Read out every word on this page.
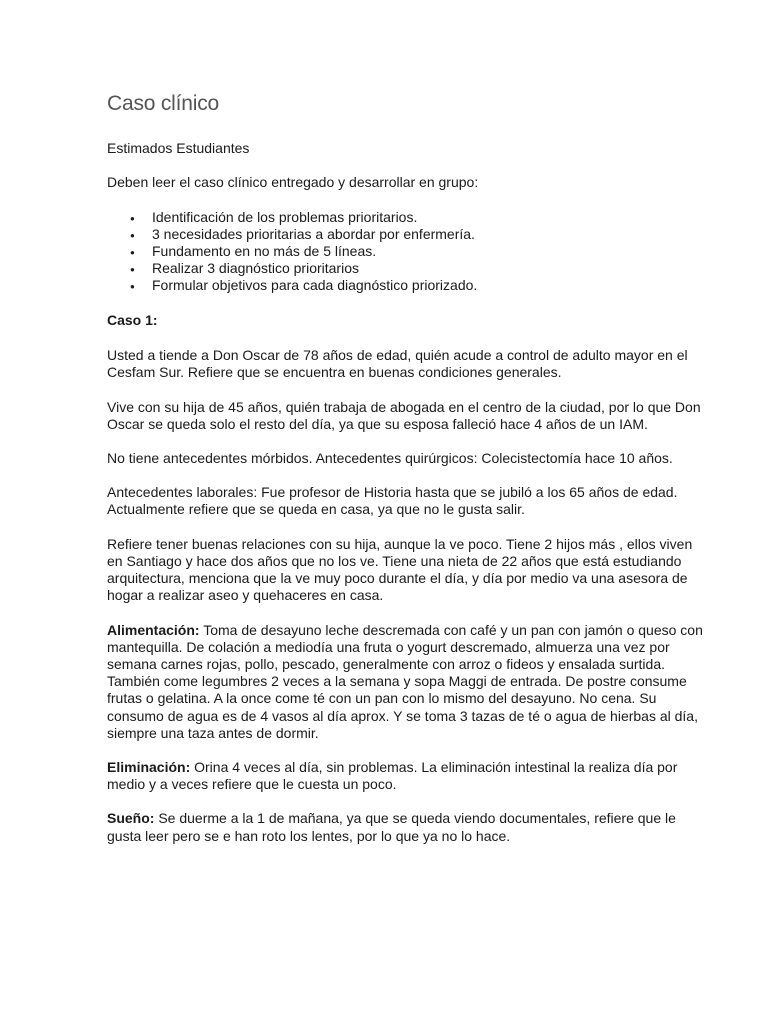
Caso clínico

Estimados Estudiantes

Deben leer el caso clínico entregado y desarrollar en grupo:

● Identificación de los problemas prioritarios.
● 3 necesidades prioritarias a abordar por enfermería.
● Fundamento en no más de 5 líneas.
● Realizar 3 diagnóstico prioritarios
● Formular objetivos para cada diagnóstico priorizado.

Caso 1:

Usted a tiende a Don Oscar de 78 años de edad, quién acude a control de adulto mayor en el Cesfam Sur. Refiere que se encuentra en buenas condiciones generales.

Vive con su hija de 45 años, quién trabaja de abogada en el centro de la ciudad, por lo que Don Oscar se queda solo el resto del día, ya que su esposa falleció hace 4 años de un IAM.

No tiene antecedentes mórbidos. Antecedentes quirúrgicos: Colecistectomía hace 10 años.

Antecedentes laborales: Fue profesor de Historia hasta que se jubiló a los 65 años de edad. Actualmente refiere que se queda en casa, ya que no le gusta salir.

Refiere tener buenas relaciones con su hija, aunque la ve poco. Tiene 2 hijos más , ellos viven en Santiago y hace dos años que no los ve. Tiene una nieta de 22 años que está estudiando arquitectura, menciona que la ve muy poco durante el día, y día por medio va una asesora de hogar a realizar aseo y quehaceres en casa.

Alimentación: Toma de desayuno leche descremada con café y un pan con jamón o queso con mantequilla. De colación a mediodía una fruta o yogurt descremado, almuerza una vez por semana carnes rojas, pollo, pescado, generalmente con arroz o fideos y ensalada surtida. También come legumbres 2 veces a la semana y sopa Maggi de entrada. De postre consume frutas o gelatina. A la once come té con un pan con lo mismo del desayuno. No cena. Su consumo de agua es de 4 vasos al día aprox. Y se toma 3 tazas de té o agua de hierbas al día, siempre una taza antes de dormir.

Eliminación: Orina 4 veces al día, sin problemas. La eliminación intestinal la realiza día por medio y a veces refiere que le cuesta un poco.

Sueño: Se duerme a la 1 de mañana, ya que se queda viendo documentales, refiere que le gusta leer pero se e han roto los lentes, por lo que ya no lo hace.
